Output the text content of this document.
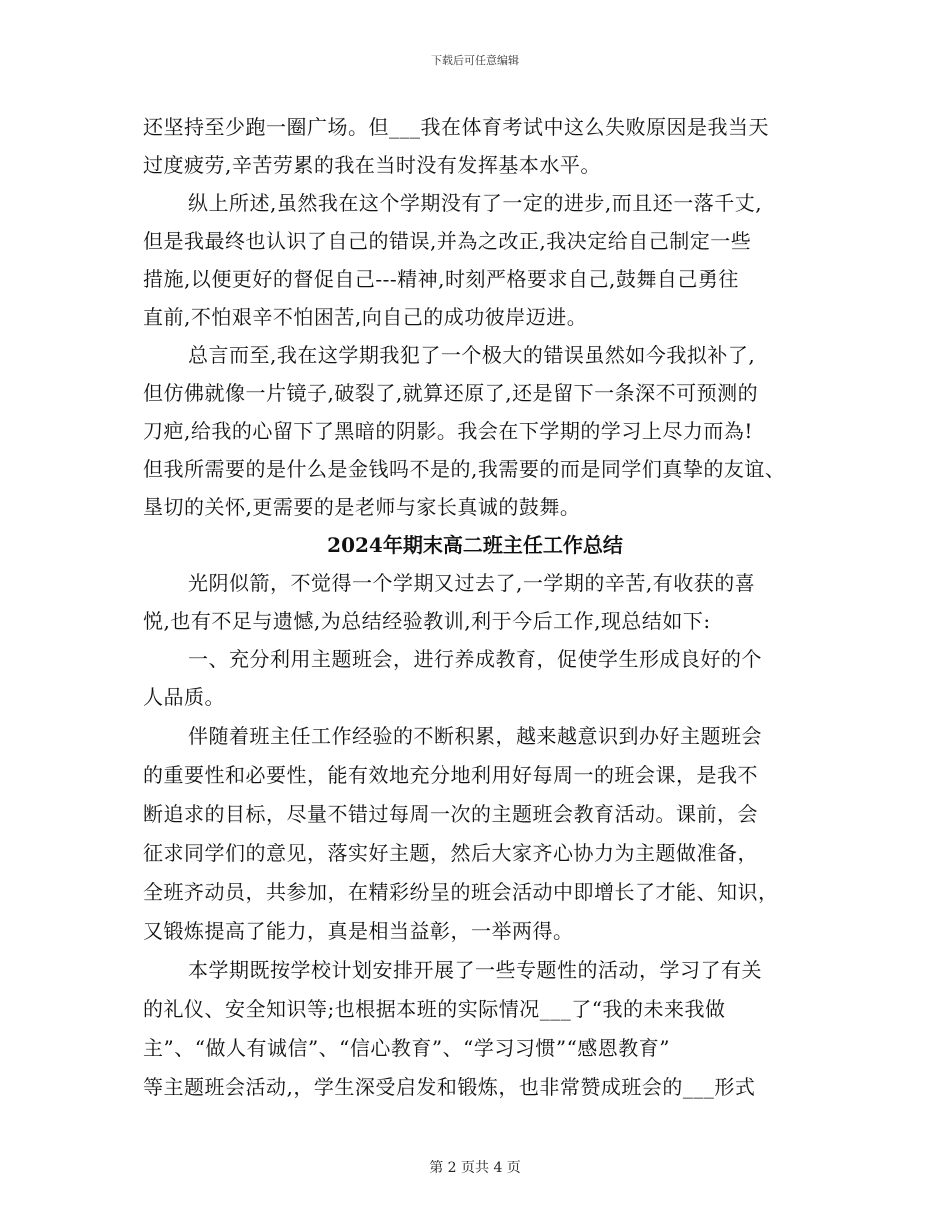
下载后可任意编辑
还坚持至少跑一圈广场。但___我在体育考试中这么失败原因是我当天
过度疲劳,辛苦劳累的我在当时没有发挥基本水平。
纵上所述,虽然我在这个学期没有了一定的进步,而且还一落千丈,
但是我最终也认识了自己的错误,并為之改正,我决定给自己制定一些
措施,以便更好的督促自己---精神,时刻严格要求自己,鼓舞自己勇往
直前,不怕艰辛不怕困苦,向自己的成功彼岸迈进。
总言而至,我在这学期我犯了一个极大的错误虽然如今我拟补了,
但仿佛就像一片镜子,破裂了,就算还原了,还是留下一条深不可预测的
刀疤,给我的心留下了黑暗的阴影。我会在下学期的学习上尽力而為!
但我所需要的是什么是金钱吗不是的,我需要的而是同学们真挚的友谊、
垦切的关怀,更需要的是老师与家长真诚的鼓舞。
2024年期末高二班主任工作总结
光阴似箭，不觉得一个学期又过去了,一学期的辛苦,有收获的喜
悦,也有不足与遗憾,为总结经验教训,利于今后工作,现总结如下:
一、充分利用主题班会，进行养成教育，促使学生形成良好的个
人品质。
伴随着班主任工作经验的不断积累，越来越意识到办好主题班会
的重要性和必要性，能有效地充分地利用好每周一的班会课，是我不
断追求的目标，尽量不错过每周一次的主题班会教育活动。课前，会
征求同学们的意见，落实好主题，然后大家齐心协力为主题做准备，
全班齐动员，共参加，在精彩纷呈的班会活动中即增长了才能、知识，
又锻炼提高了能力，真是相当益彰，一举两得。
本学期既按学校计划安排开展了一些专题性的活动，学习了有关
的礼仪、安全知识等;也根据本班的实际情况___了“我的未来我做
主”、“做人有诚信”、“信心教育”、“学习习惯”“感恩教育”
等主题班会活动,，学生深受启发和锻炼，也非常赞成班会的___形式
第 2 页共 4 页
